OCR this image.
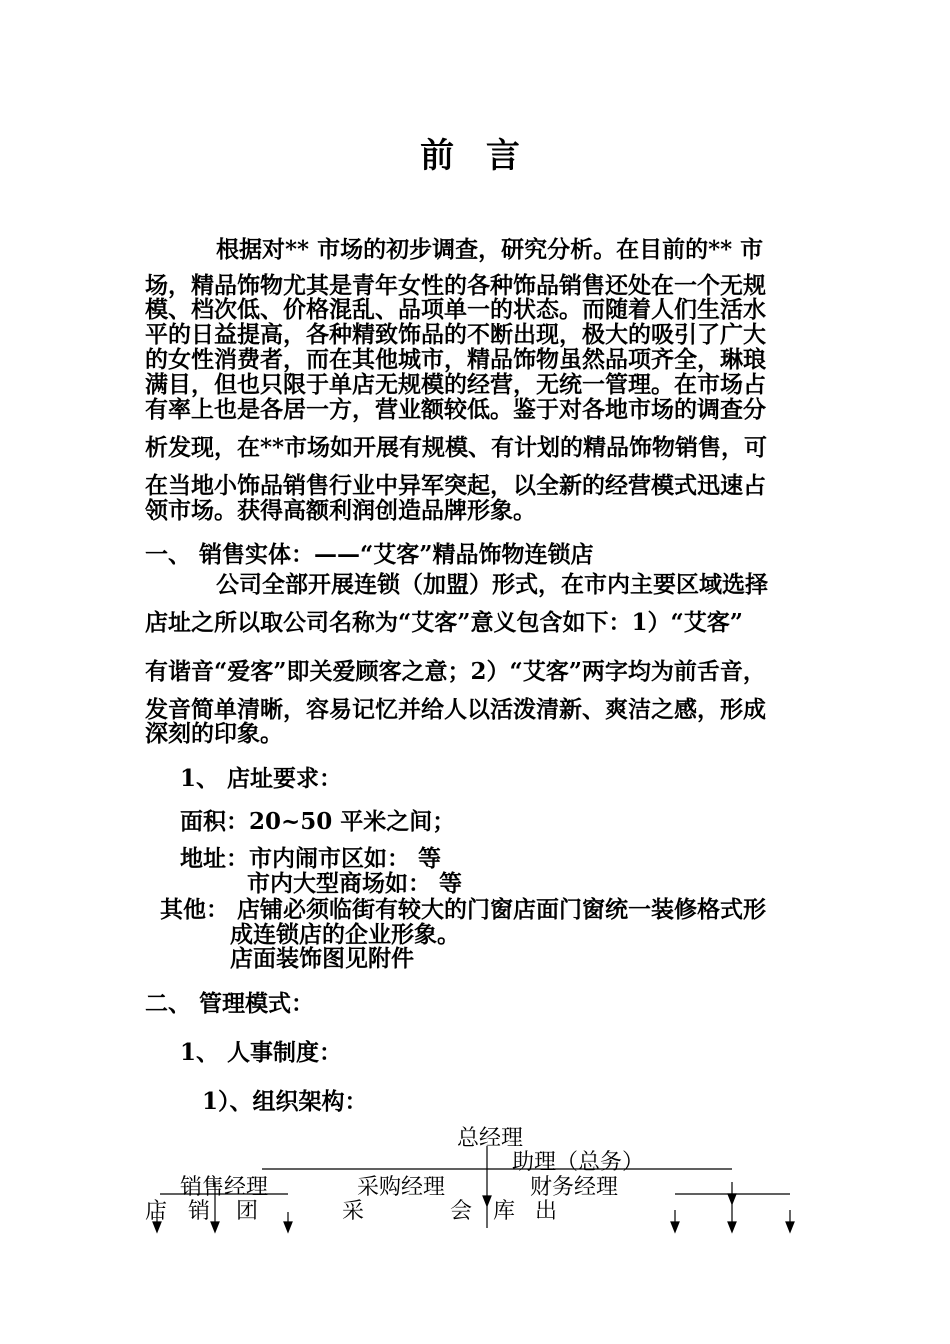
前 言
根据对** 市场的初步调查，研究分析。在目前的** 市
场，精品饰物尤其是青年女性的各种饰品销售还处在一个无规
模、档次低、价格混乱、品项单一的状态。而随着人们生活水
平的日益提高，各种精致饰品的不断出现，极大的吸引了广大
的女性消费者，而在其他城市，精品饰物虽然品项齐全，琳琅
满目，但也只限于单店无规模的经营，无统一管理。在市场占
有率上也是各居一方，营业额较低。鉴于对各地市场的调查分
析发现，在**市场如开展有规模、有计划的精品饰物销售，可
在当地小饰品销售行业中异军突起，以全新的经营模式迅速占
领市场。获得高额利润创造品牌形象。
一、 销售实体：——“艾客”精品饰物连锁店
公司全部开展连锁（加盟）形式，在市内主要区域选择
店址之所以取公司名称为“艾客”意义包含如下：1）“艾客”
有谐音“爱客”即关爱顾客之意；2）“艾客”两字均为前舌音，
发音简单清晰，容易记忆并给人以活泼清新、爽洁之感，形成
深刻的印象。
1、 店址要求：
面积：20~50 平米之间；
地址：市内闹市区如： 等
市内大型商场如： 等
其他： 店铺必须临街有较大的门窗店面门窗统一装修格式形
成连锁店的企业形象。
店面装饰图见附件
二、 管理模式：
1、 人事制度：
1）、组织架构：
总经理
助理（总务）
销售经理	采购经理	财务经理
店 销 团	采	会 库 出
